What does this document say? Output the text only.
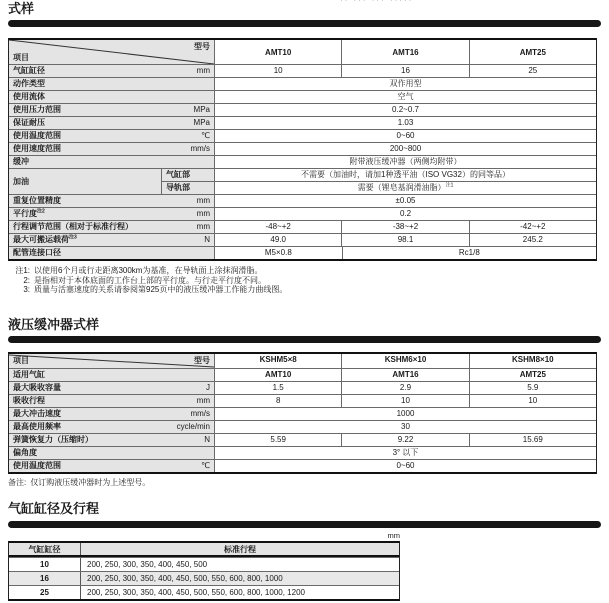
·· ··· ··· ·····
式样
型号
项目
AMT10	AMT16	AMT25
气缸缸径	mm	10	16	25
动作类型	双作用型
使用流体	空气
使用压力范围	MPa	0.2~0.7
保证耐压	MPa	1.03
使用温度范围	℃	0~60
使用速度范围	mm/s	200~800
缓冲	附带液压缓冲器（两侧均附带）
加油
气缸部	不需要（加油时，请加1种透平油（ISO VG32）的同等品）
导轨部	需要（锂皂基润滑油脂）$^{注1}$
重复位置精度	mm	±0.05
平行度$^{注2}$	mm	0.2
行程调节范围（相对于标准行程）	mm	-48~+2	-38~+2	-42~+2
最大可搬运载荷$^{注3}$	N	49.0	98.1	245.2
配管连接口径	M5×0.8	Rc1/8
注1: 以使用6个月或行走距离300km为基准，在导轨面上涂抹润滑脂。
2: 是指相对于本体底面的工作台上部的平行度。与行走平行度不同。
3: 质量与活塞速度的关系请参阅第925页中的液压缓冲器工作能力曲线图。
液压缓冲器式样
项目	型号	KSHM5×8	KSHM6×10	KSHM8×10
适用气缸	AMT10	AMT16	AMT25
最大吸收容量	J	1.5	2.9	5.9
吸收行程	mm	8	10	10
最大冲击速度	mm/s	1000
最高使用频率	cycle/min	30
弹簧恢复力（压缩时）	N	5.59	9.22	15.69
偏角度	3° 以下
使用温度范围	℃	0~60
备注: 仅订购液压缓冲器时为上述型号。
气缸缸径及行程
mm
气缸缸径	标准行程
10	200, 250, 300, 350, 400, 450, 500
16	200, 250, 300, 350, 400, 450, 500, 550, 600, 800, 1000
25	200, 250, 300, 350, 400, 450, 500, 550, 600, 800, 1000, 1200
